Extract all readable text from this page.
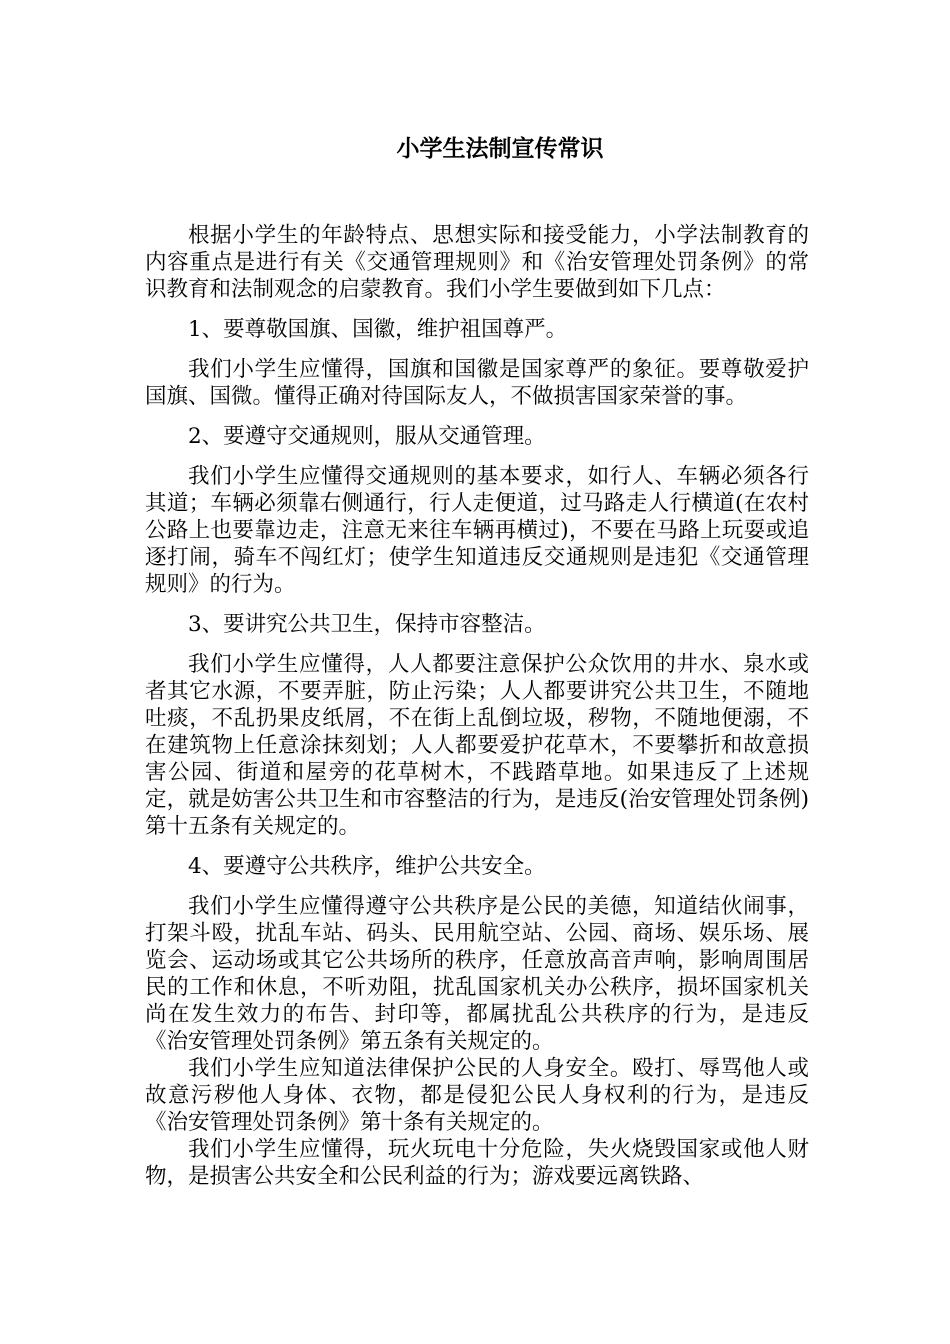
小学生法制宣传常识

根据小学生的年龄特点、思想实际和接受能力，小学法制教育的内容重点是进行有关《交通管理规则》和《治安管理处罚条例》的常识教育和法制观念的启蒙教育。我们小学生要做到如下几点：

1、要尊敬国旗、国徽，维护祖国尊严。

我们小学生应懂得，国旗和国徽是国家尊严的象征。要尊敬爱护国旗、国微。懂得正确对待国际友人，不做损害国家荣誉的事。

2、要遵守交通规则，服从交通管理。

我们小学生应懂得交通规则的基本要求，如行人、车辆必须各行其道；车辆必须靠右侧通行，行人走便道，过马路走人行横道(在农村公路上也要靠边走，注意无来往车辆再横过)，不要在马路上玩耍或追逐打闹，骑车不闯红灯；使学生知道违反交通规则是违犯《交通管理规则》的行为。

3、要讲究公共卫生，保持市容整洁。

我们小学生应懂得，人人都要注意保护公众饮用的井水、泉水或者其它水源，不要弄脏，防止污染；人人都要讲究公共卫生，不随地吐痰，不乱扔果皮纸屑，不在街上乱倒垃圾，秽物，不随地便溺，不在建筑物上任意涂抹刻划；人人都要爱护花草木，不要攀折和故意损害公园、街道和屋旁的花草树木，不践踏草地。如果违反了上述规定，就是妨害公共卫生和市容整洁的行为，是违反(治安管理处罚条例)第十五条有关规定的。

4、要遵守公共秩序，维护公共安全。

我们小学生应懂得遵守公共秩序是公民的美德，知道结伙闹事，打架斗殴，扰乱车站、码头、民用航空站、公园、商场、娱乐场、展览会、运动场或其它公共场所的秩序，任意放高音声响，影响周围居民的工作和休息，不听劝阻，扰乱国家机关办公秩序，损坏国家机关尚在发生效力的布告、封印等，都属扰乱公共秩序的行为，是违反《治安管理处罚条例》第五条有关规定的。

我们小学生应知道法律保护公民的人身安全。殴打、辱骂他人或故意污秽他人身体、衣物，都是侵犯公民人身权利的行为，是违反《治安管理处罚条例》第十条有关规定的。

我们小学生应懂得，玩火玩电十分危险，失火烧毁国家或他人财物，是损害公共安全和公民利益的行为；游戏要远离铁路、
